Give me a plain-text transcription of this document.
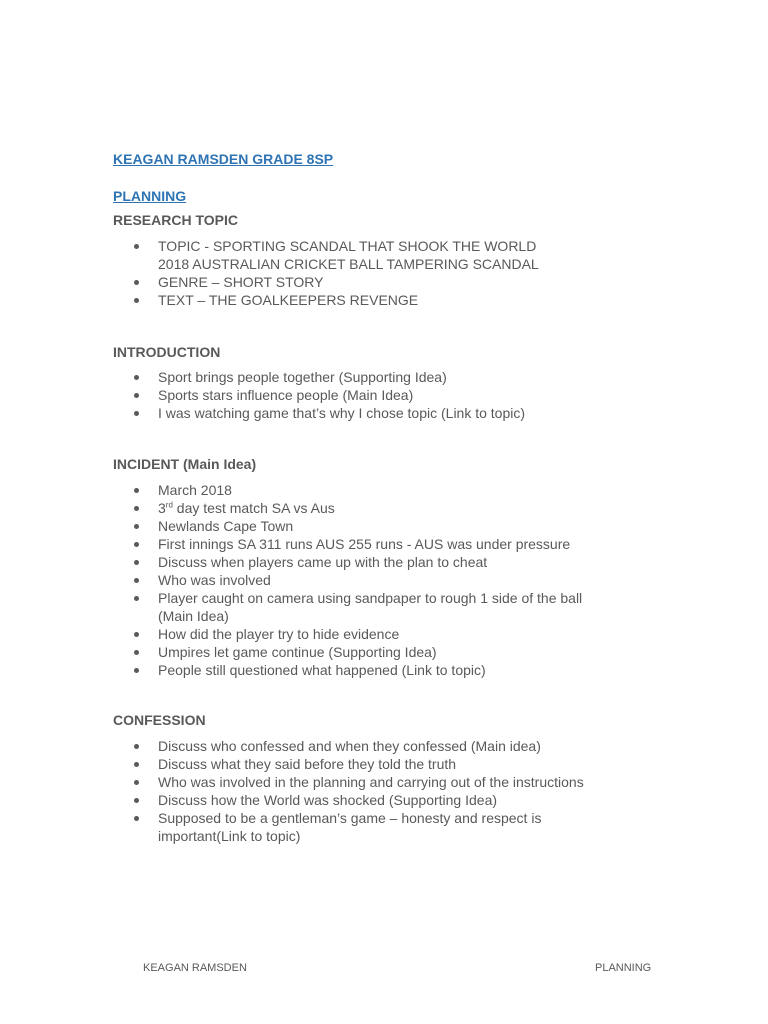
KEAGAN RAMSDEN GRADE 8SP
PLANNING
RESEARCH TOPIC
TOPIC - SPORTING SCANDAL THAT SHOOK THE WORLD
2018 AUSTRALIAN CRICKET BALL TAMPERING SCANDAL
GENRE – SHORT STORY
TEXT – THE GOALKEEPERS REVENGE
INTRODUCTION
Sport brings people together (Supporting Idea)
Sports stars influence people (Main Idea)
I was watching game that’s why I chose topic (Link to topic)
INCIDENT (Main Idea)
March 2018
3rd day test match SA vs Aus
Newlands Cape Town
First innings SA 311 runs AUS 255 runs - AUS was under pressure
Discuss when players came up with the plan to cheat
Who was involved
Player caught on camera using sandpaper to rough 1 side of the ball
(Main Idea)
How did the player try to hide evidence
Umpires let game continue (Supporting Idea)
People still questioned what happened (Link to topic)
CONFESSION
Discuss who confessed and when they confessed (Main idea)
Discuss what they said before they told the truth
Who was involved in the planning and carrying out of the instructions
Discuss how the World was shocked (Supporting Idea)
Supposed to be a gentleman’s game – honesty and respect is
important(Link to topic)
KEAGAN RAMSDEN	PLANNING
